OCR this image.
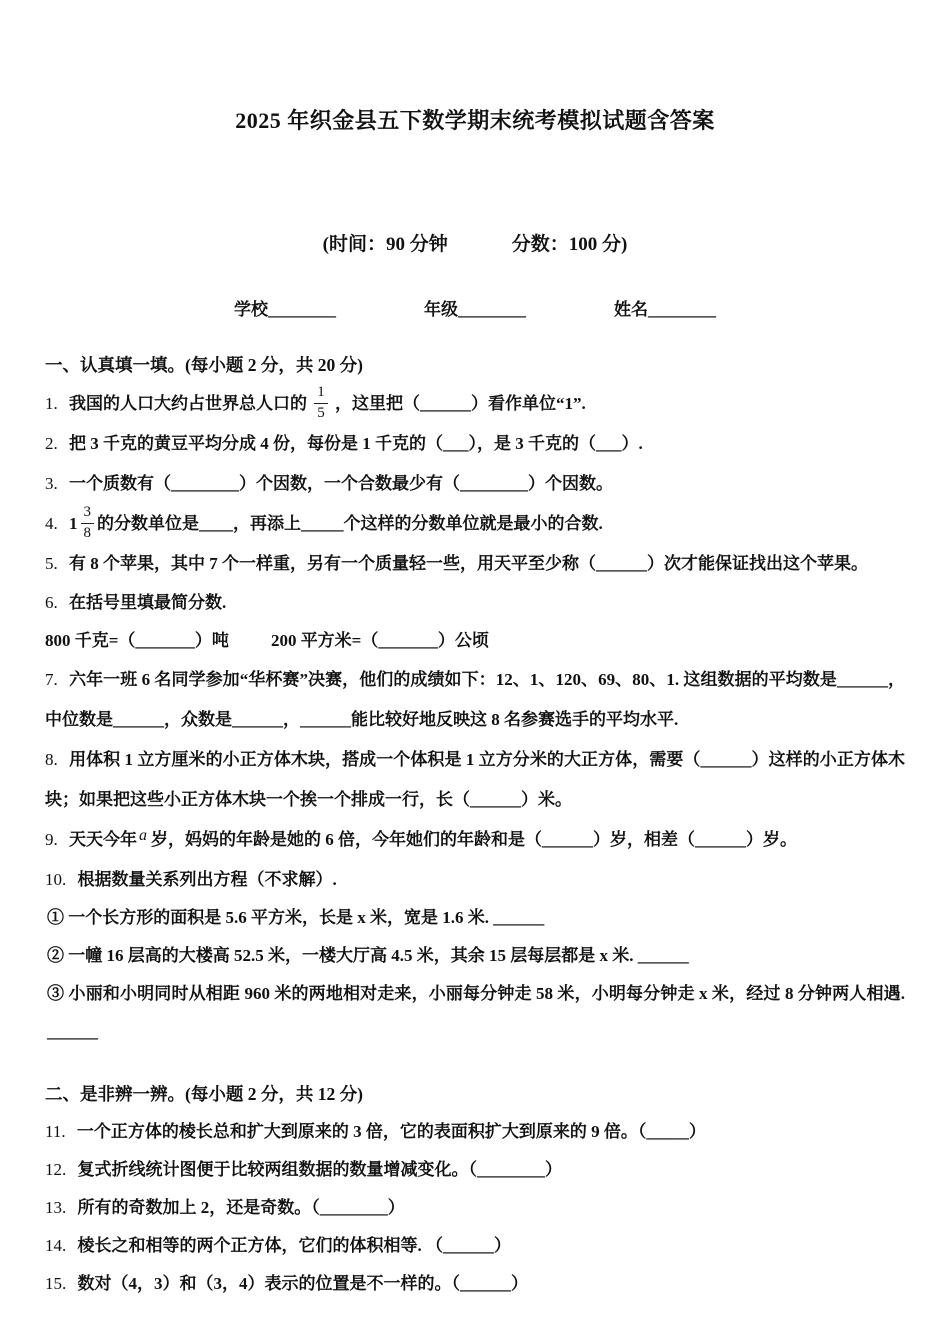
2025 年织金县五下数学期末统考模拟试题含答案
(时间：90 分钟	分数：100 分)
学校________	年级________	姓名________

一、认真填一填。(每小题 2 分，共 20 分)

1. 我国的人口大约占世界总人口的 $\frac{1}{5}$ ，这里把（______）看作单位“1”.

2. 把 3 千克的黄豆平均分成 4 份，每份是 1 千克的（___），是 3 千克的（___）.

3. 一个质数有（________）个因数，一个合数最少有（________）个因数。

4. $1 \frac{3}{8}$ 的分数单位是____，再添上_____个这样的分数单位就是最小的合数.

5. 有 8 个苹果，其中 7 个一样重，另有一个质量轻一些，用天平至少称（______）次才能保证找出这个苹果。

6. 在括号里填最简分数.

800 千克=（_______）吨 200 平方米=（_______）公顷

7. 六年一班 6 名同学参加“华杯赛”决赛，他们的成绩如下：12、1、120、69、80、1. 这组数据的平均数是______，中位数是______，众数是______，______能比较好地反映这 8 名参赛选手的平均水平.

8. 用体积 1 立方厘米的小正方体木块，搭成一个体积是 1 立方分米的大正方体，需要（______）这样的小正方体木块；如果把这些小正方体木块一个挨一个排成一行，长（______）米。

9. 天天今年 a 岁，妈妈的年龄是她的 6 倍，今年她们的年龄和是（______）岁，相差（______）岁。

10. 根据数量关系列出方程（不求解）.

① 一个长方形的面积是 5.6 平方米，长是 x 米，宽是 1.6 米. ______

② 一幢 16 层高的大楼高 52.5 米，一楼大厅高 4.5 米，其余 15 层每层都是 x 米. ______

③ 小丽和小明同时从相距 960 米的两地相对走来，小丽每分钟走 58 米，小明每分钟走 x 米，经过 8 分钟两人相遇. ______

二、是非辨一辨。(每小题 2 分，共 12 分)

11. 一个正方体的棱长总和扩大到原来的 3 倍，它的表面积扩大到原来的 9 倍。（_____）

12. 复式折线统计图便于比较两组数据的数量增减变化。（________）

13. 所有的奇数加上 2，还是奇数。（________）

14. 棱长之和相等的两个正方体，它们的体积相等. （______）

15. 数对（4，3）和（3，4）表示的位置是不一样的。（______）
